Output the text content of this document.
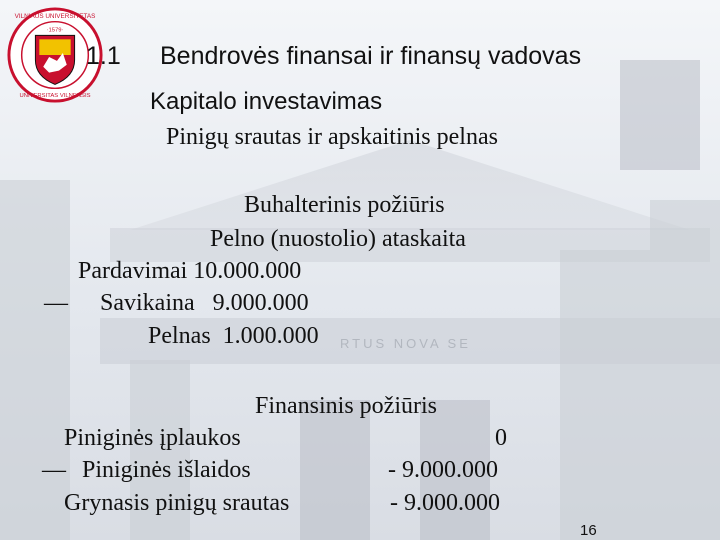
RTUS NOVA SE
VILNIAUS UNIVERSITETAS
·1579·
UNIVERSITAS VILNENSIS
1.1 Bendrovės finansai ir finansų vadovas
Kapitalo investavimas
Pinigų srautas ir apskaitinis pelnas
Buhalterinis požiūris
Pelno (nuostolio) ataskaita
Pardavimai 10.000.000
— Savikaina   9.000.000
Pelnas  1.000.000
Finansinis požiūris
Piniginės įplaukos	0
— Piniginės išlaidos	- 9.000.000
Grynasis pinigų srautas	- 9.000.000
16
